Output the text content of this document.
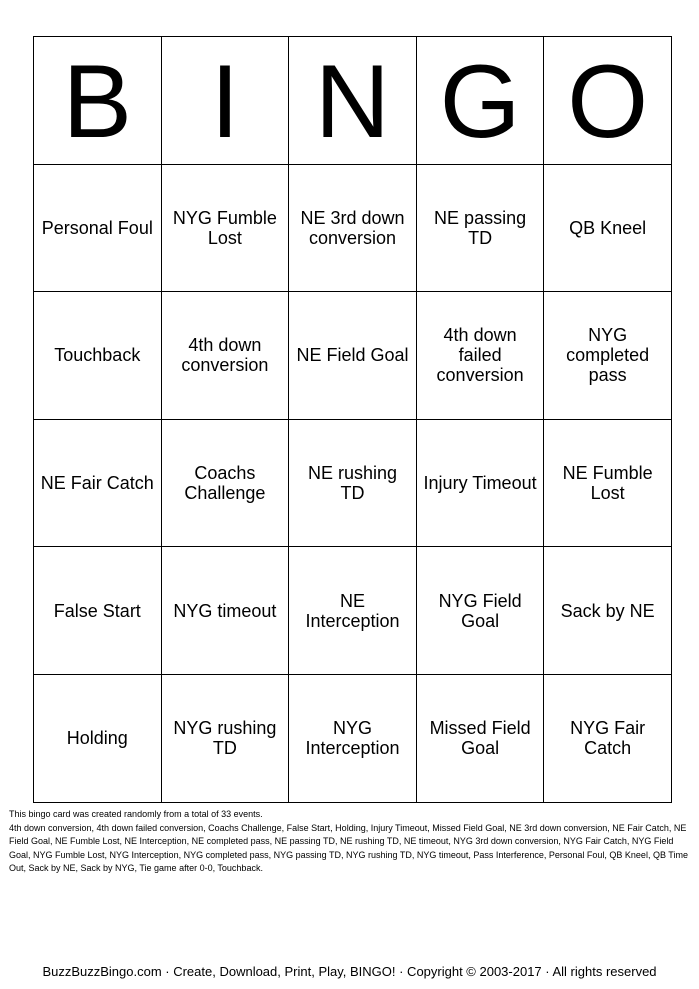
B	I	N	G	O
Personal Foul	NYG Fumble Lost	NE 3rd down conversion	NE passing TD	QB Kneel
Touchback	4th down conversion	NE Field Goal	4th down failed conversion	NYG completed pass
NE Fair Catch	Coachs Challenge	NE rushing TD	Injury Timeout	NE Fumble Lost
False Start	NYG timeout	NE Interception	NYG Field Goal	Sack by NE
Holding	NYG rushing TD	NYG Interception	Missed Field Goal	NYG Fair Catch

This bingo card was created randomly from a total of 33 events.

4th down conversion, 4th down failed conversion, Coachs Challenge, False Start, Holding, Injury Timeout, Missed Field Goal, NE 3rd down conversion, NE Fair Catch, NE Field Goal, NE Fumble Lost, NE Interception, NE completed pass, NE passing TD, NE rushing TD, NE timeout, NYG 3rd down conversion, NYG Fair Catch, NYG Field Goal, NYG Fumble Lost, NYG Interception, NYG completed pass, NYG passing TD, NYG rushing TD, NYG timeout, Pass Interference, Personal Foul, QB Kneel, QB Time Out, Sack by NE, Sack by NYG, Tie game after 0-0, Touchback.

BuzzBuzzBingo.com · Create, Download, Print, Play, BINGO! · Copyright © 2003-2017 · All rights reserved
